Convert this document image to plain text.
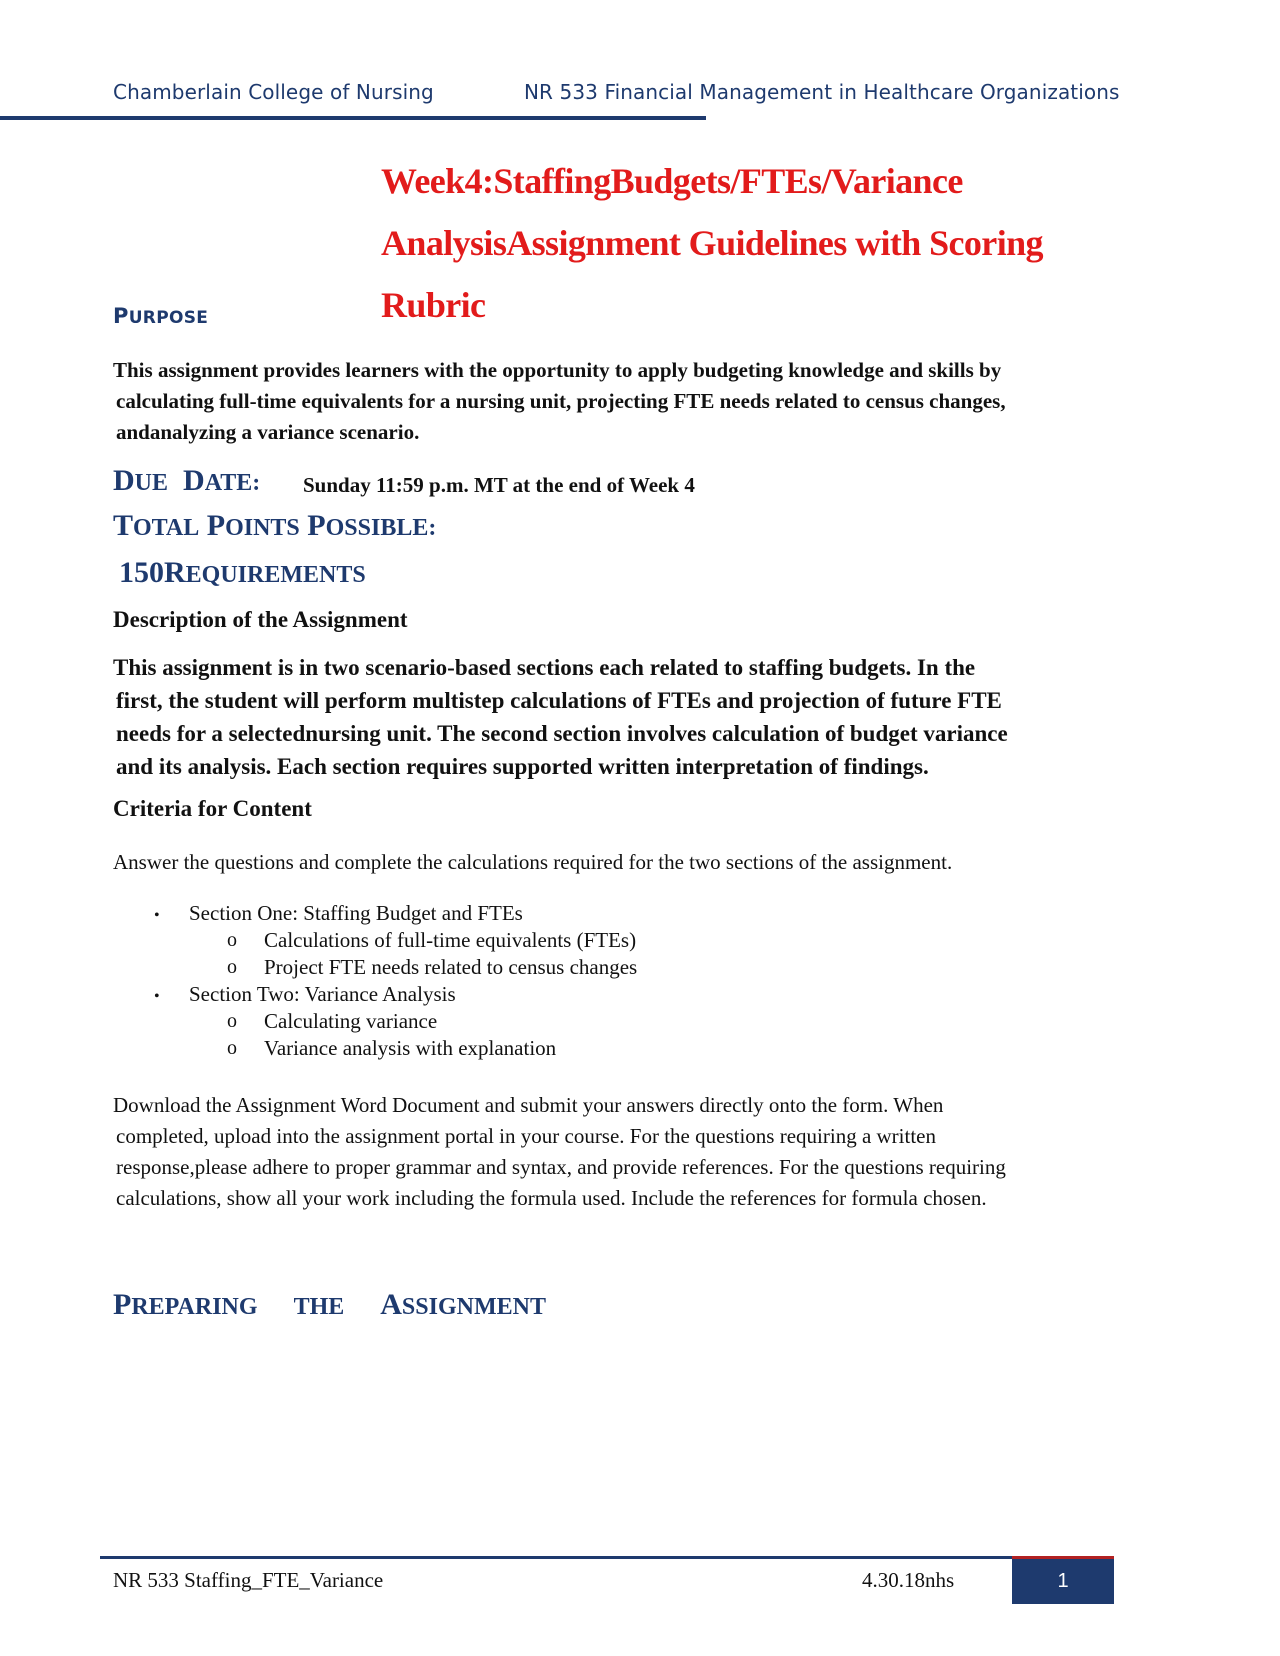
Chamberlain College of Nursing	NR 533 Financial Management in Healthcare Organizations
Week4:StaffingBudgets/FTEs/Variance
AnalysisAssignment Guidelines with Scoring
Rubric
PURPOSE
This assignment provides learners with the opportunity to apply budgeting knowledge and skills by
calculating full-time equivalents for a nursing unit, projecting FTE needs related to census changes,
andanalyzing a variance scenario.
DUE DATE: Sunday 11:59 p.m. MT at the end of Week 4
TOTAL POINTS POSSIBLE:
150REQUIREMENTS
Description of the Assignment
This assignment is in two scenario-based sections each related to staffing budgets. In the
first, the student will perform multistep calculations of FTEs and projection of future FTE
needs for a selectednursing unit. The second section involves calculation of budget variance
and its analysis. Each section requires supported written interpretation of findings.
Criteria for Content
Answer the questions and complete the calculations required for the two sections of the assignment.
• Section One: Staffing Budget and FTEs
o Calculations of full-time equivalents (FTEs)
o Project FTE needs related to census changes
• Section Two: Variance Analysis
o Calculating variance
o Variance analysis with explanation
Download the Assignment Word Document and submit your answers directly onto the form. When
completed, upload into the assignment portal in your course. For the questions requiring a written
response,please adhere to proper grammar and syntax, and provide references. For the questions requiring
calculations, show all your work including the formula used. Include the references for formula chosen.
PREPARING THE ASSIGNMENT
NR 533 Staffing_FTE_Variance	4.30.18nhs	1
